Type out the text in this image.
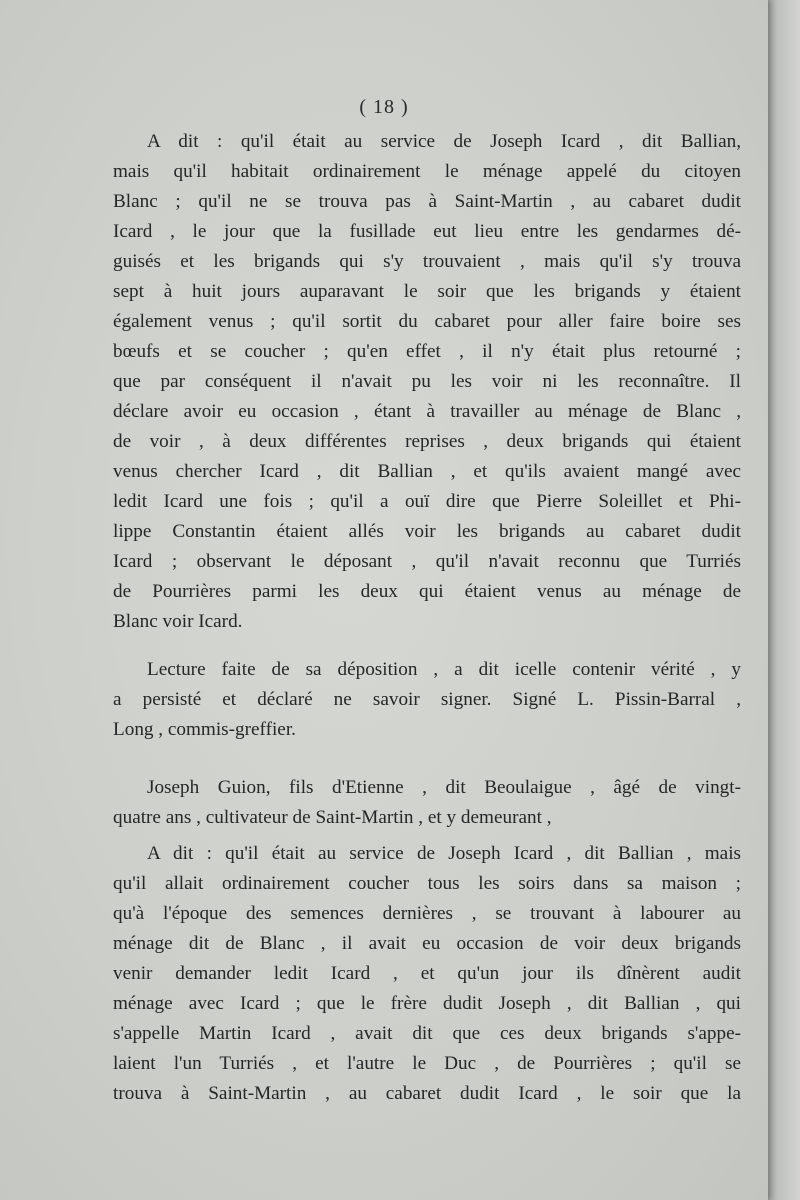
( 18 )

A dit : qu'il était au service de Joseph Icard , dit Ballian,
mais qu'il habitait ordinairement le ménage appelé du citoyen
Blanc ; qu'il ne se trouva pas à Saint-Martin , au cabaret dudit
Icard , le jour que la fusillade eut lieu entre les gendarmes dé-
guisés et les brigands qui s'y trouvaient , mais qu'il s'y trouva
sept à huit jours auparavant le soir que les brigands y étaient
également venus ; qu'il sortit du cabaret pour aller faire boire ses
bœufs et se coucher ; qu'en effet , il n'y était plus retourné ;
que par conséquent il n'avait pu les voir ni les reconnaître. Il
déclare avoir eu occasion , étant à travailler au ménage de Blanc ,
de voir , à deux différentes reprises , deux brigands qui étaient
venus chercher Icard , dit Ballian , et qu'ils avaient mangé avec
ledit Icard une fois ; qu'il a ouï dire que Pierre Soleillet et Phi-
lippe Constantin étaient allés voir les brigands au cabaret dudit
Icard ; observant le déposant , qu'il n'avait reconnu que Turriés
de Pourrières parmi les deux qui étaient venus au ménage de
Blanc voir Icard.

Lecture faite de sa déposition , a dit icelle contenir vérité , y
a persisté et déclaré ne savoir signer. Signé L. Pissin-Barral ,
Long , commis-greffier.

Joseph Guion, fils d'Etienne , dit Beoulaigue , âgé de vingt-
quatre ans , cultivateur de Saint-Martin , et y demeurant ,

A dit : qu'il était au service de Joseph Icard , dit Ballian , mais
qu'il allait ordinairement coucher tous les soirs dans sa maison ;
qu'à l'époque des semences dernières , se trouvant à labourer au
ménage dit de Blanc , il avait eu occasion de voir deux brigands
venir demander ledit Icard , et qu'un jour ils dînèrent audit
ménage avec Icard ; que le frère dudit Joseph , dit Ballian , qui
s'appelle Martin Icard , avait dit que ces deux brigands s'appe-
laient l'un Turriés , et l'autre le Duc , de Pourrières ; qu'il se
trouva à Saint-Martin , au cabaret dudit Icard , le soir que la
